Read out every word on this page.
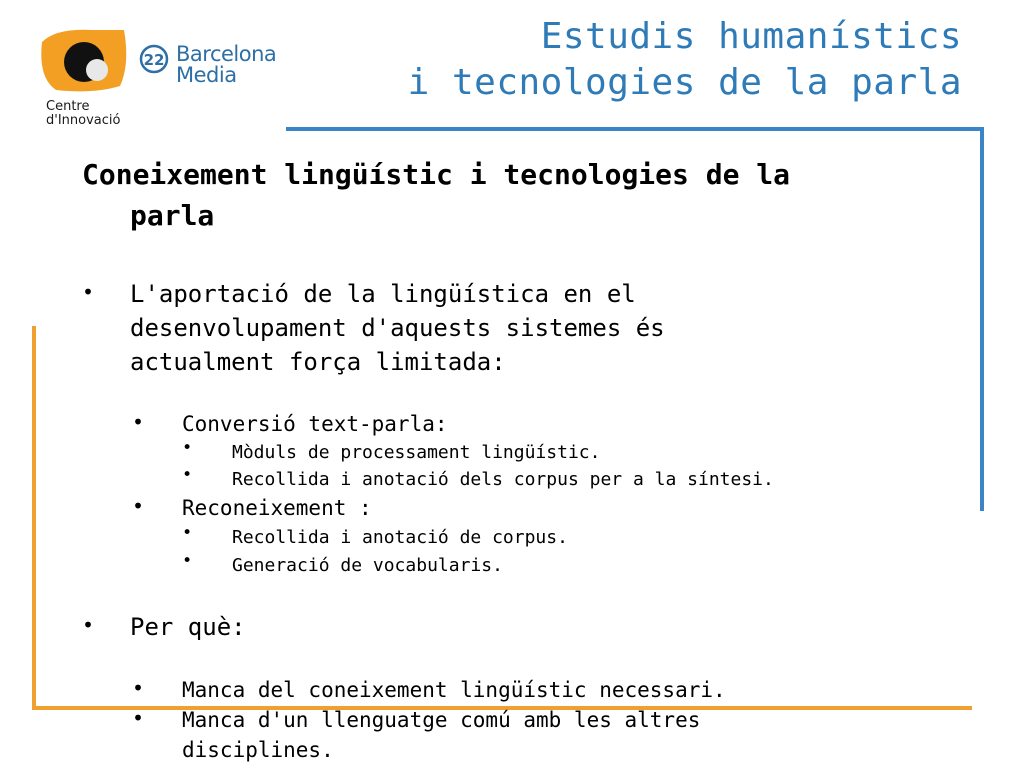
Centre
d'Innovació
22 Barcelona
Media
Estudis humanístics
i tecnologies de la parla
Coneixement lingüístic i tecnologies de la
parla
• L'aportació de la lingüística en el
desenvolupament d'aquests sistemes és
actualment força limitada:
• Conversió text-parla:
• Mòduls de processament lingüístic.
• Recollida i anotació dels corpus per a la síntesi.
• Reconeixement :
• Recollida i anotació de corpus.
• Generació de vocabularis.
• Per què:
• Manca del coneixement lingüístic necessari.
• Manca d'un llenguatge comú amb les altres
disciplines.
